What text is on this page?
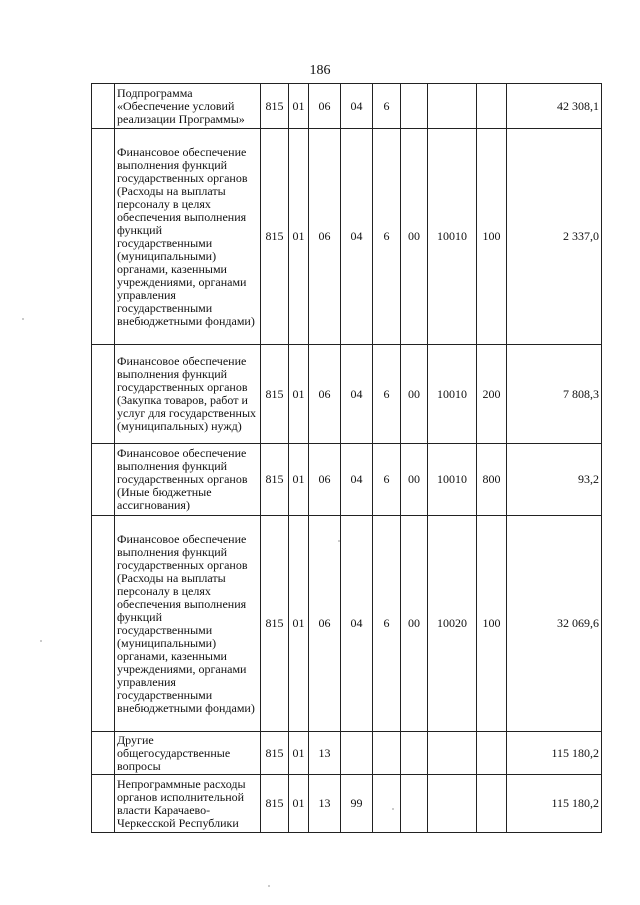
186
	Подпрограмма «Обеспечение условий реализации Программы»	815	01	06	04	6				42 308,1
	Финансовое обеспечение выполнения функций государственных органов (Расходы на выплаты персоналу в целях обеспечения выполнения функций государственными (муниципальными) органами, казенными учреждениями, органами управления государственными внебюджетными фондами)	815	01	06	04	6	00	10010	100	2 337,0
	Финансовое обеспечение выполнения функций государственных органов (Закупка товаров, работ и услуг для государственных (муниципальных) нужд)	815	01	06	04	6	00	10010	200	7 808,3
	Финансовое обеспечение выполнения функций государственных органов (Иные бюджетные ассигнования)	815	01	06	04	6	00	10010	800	93,2
	Финансовое обеспечение выполнения функций государственных органов (Расходы на выплаты персоналу в целях обеспечения выполнения функций государственными (муниципальными) органами, казенными учреждениями, органами управления государственными внебюджетными фондами)	815	01	06	04	6	00	10020	100	32 069,6
	Другие общегосударственные вопросы	815	01	13						115 180,2
	Непрограммные расходы органов исполнительной власти Карачаево-Черкесской Республики	815	01	13	99					115 180,2
